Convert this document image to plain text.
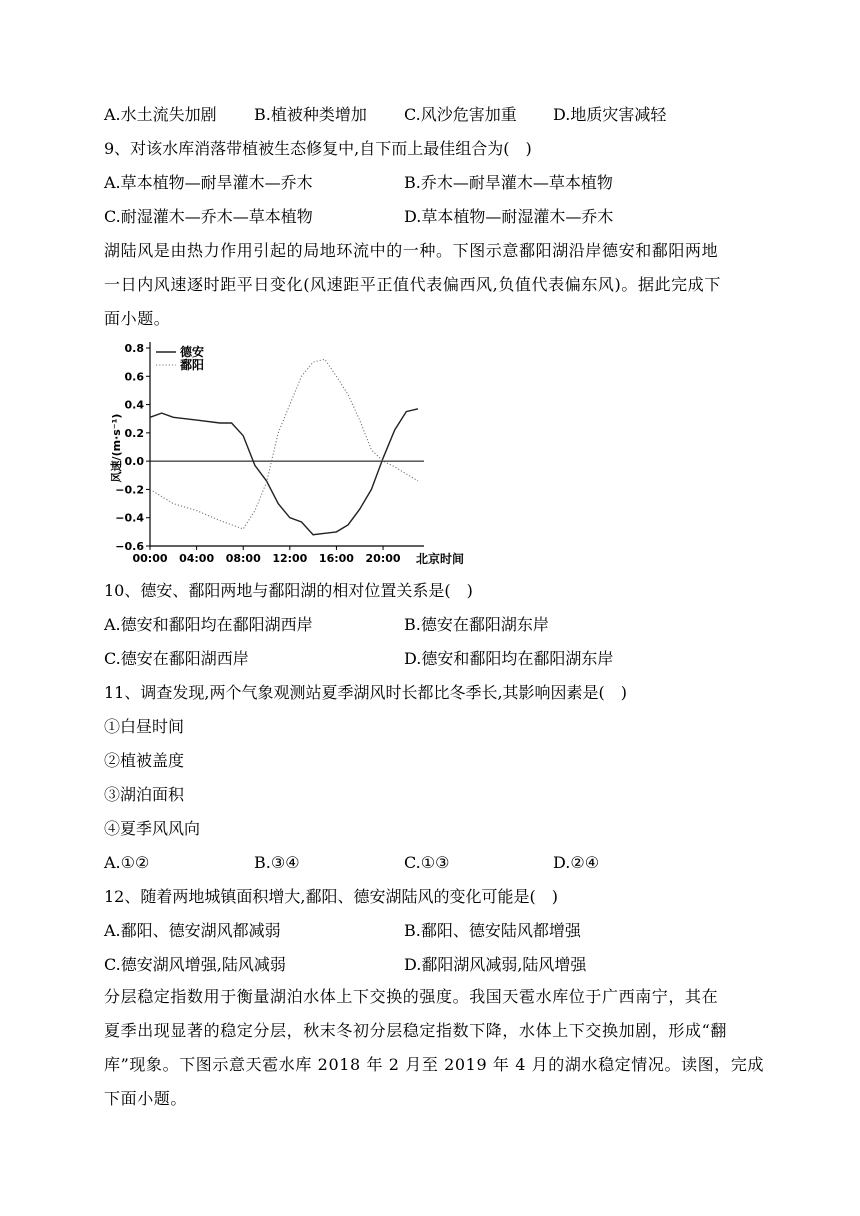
A.水土流失加剧 B.植被种类增加 C.风沙危害加重 D.地质灾害减轻
9、对该水库消落带植被生态修复中,自下而上最佳组合为(　)
A.草本植物—耐旱灌木—乔木	B.乔木—耐旱灌木—草本植物
C.耐湿灌木—乔木—草本植物	D.草本植物—耐湿灌木—乔木
湖陆风是由热力作用引起的局地环流中的一种。下图示意鄱阳湖沿岸德安和鄱阳两地
一日内风速逐时距平日变化(风速距平正值代表偏西风,负值代表偏东风)。据此完成下
面小题。
风速/(m·s⁻¹)
0.8
0.6
0.4
0.2
0.0
−0.2
−0.4
−0.6
00:00 04:00 08:00 12:00 16:00 20:00
德安
鄱阳
北京时间
10、德安、鄱阳两地与鄱阳湖的相对位置关系是(　)
A.德安和鄱阳均在鄱阳湖西岸	B.德安在鄱阳湖东岸
C.德安在鄱阳湖西岸	D.德安和鄱阳均在鄱阳湖东岸
11、调查发现,两个气象观测站夏季湖风时长都比冬季长,其影响因素是(　)
①白昼时间
②植被盖度
③湖泊面积
④夏季风风向
A.①②	B.③④	C.①③	D.②④
12、随着两地城镇面积增大,鄱阳、德安湖陆风的变化可能是(　)
A.鄱阳、德安湖风都减弱	B.鄱阳、德安陆风都增强
C.德安湖风增强,陆风减弱	D.鄱阳湖风减弱,陆风增强
分层稳定指数用于衡量湖泊水体上下交换的强度。我国天雹水库位于广西南宁，其在
夏季出现显著的稳定分层，秋末冬初分层稳定指数下降，水体上下交换加剧，形成“翻
库”现象。下图示意天雹水库 2018 年 2 月至 2019 年 4 月的湖水稳定情况。读图，完成
下面小题。
